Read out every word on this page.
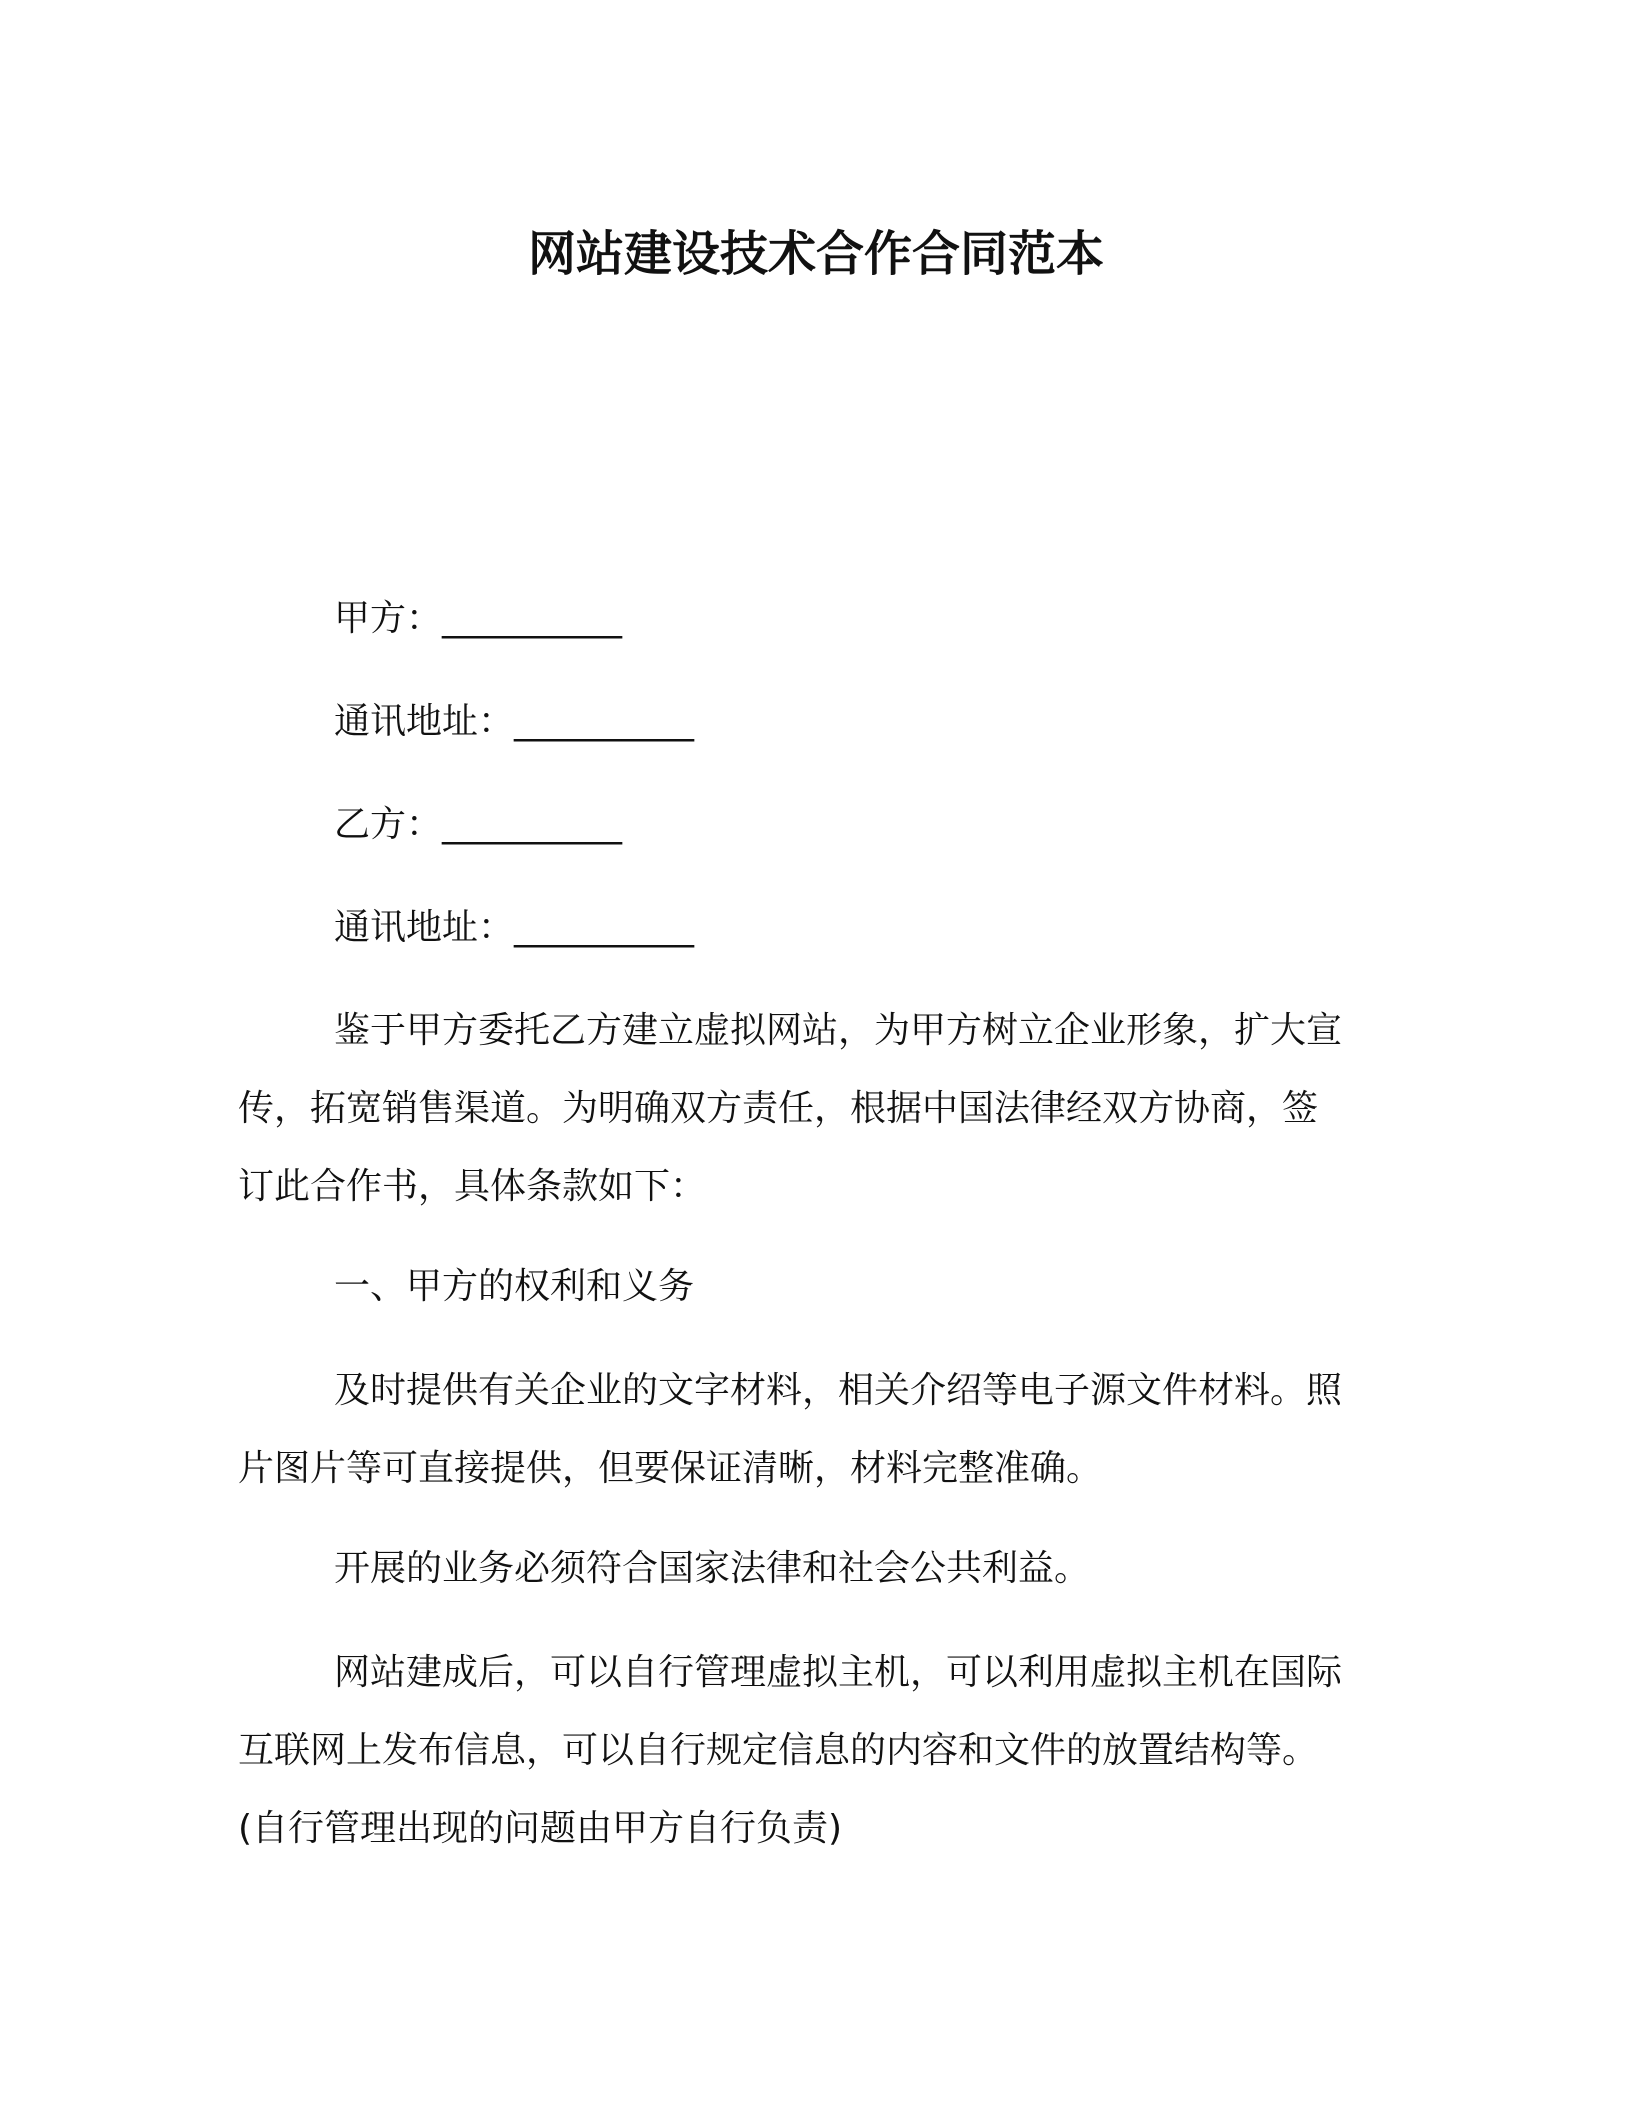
网站建设技术合作合同范本
甲方：__________
通讯地址：__________
乙方：__________
通讯地址：__________
鉴于甲方委托乙方建立虚拟网站，为甲方树立企业形象，扩大宣
传，拓宽销售渠道。为明确双方责任，根据中国法律经双方协商，签
订此合作书，具体条款如下：
一、甲方的权利和义务
及时提供有关企业的文字材料，相关介绍等电子源文件材料。照
片图片等可直接提供，但要保证清晰，材料完整准确。
开展的业务必须符合国家法律和社会公共利益。
网站建成后，可以自行管理虚拟主机，可以利用虚拟主机在国际
互联网上发布信息，可以自行规定信息的内容和文件的放置结构等。
(自行管理出现的问题由甲方自行负责)
